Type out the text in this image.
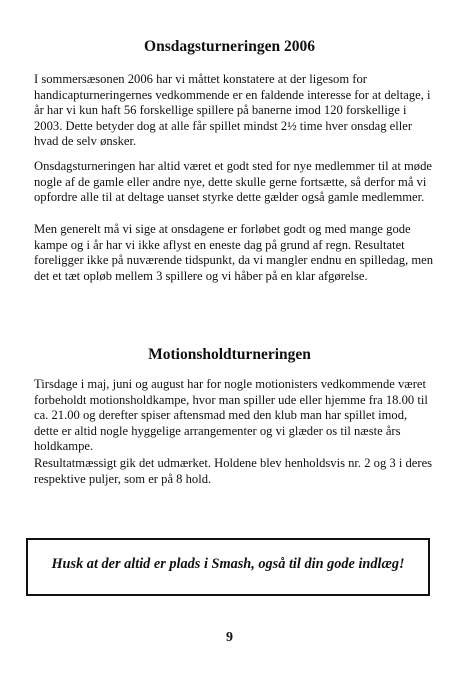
Onsdagsturneringen 2006

I sommersæsonen 2006 har vi måttet konstatere at der ligesom for handicapturneringernes vedkommende er en faldende interesse for at deltage, i år har vi kun haft 56 forskellige spillere på banerne imod 120 forskellige i 2003. Dette betyder dog at alle får spillet mindst 2½ time hver onsdag eller hvad de selv ønsker.

Onsdagsturneringen har altid været et godt sted for nye medlemmer til at møde nogle af de gamle eller andre nye, dette skulle gerne fortsætte, så derfor må vi opfordre alle til at deltage uanset styrke dette gælder også gamle medlemmer.

Men generelt må vi sige at onsdagene er forløbet godt og med mange gode kampe og i år har vi ikke aflyst en eneste dag på grund af regn. Resultatet foreligger ikke på nuværende tidspunkt, da vi mangler endnu en spilledag, men det et tæt opløb mellem 3 spillere og vi håber på en klar afgørelse.

Motionsholdturneringen

Tirsdage i maj, juni og august har for nogle motionisters vedkommende været forbeholdt motionsholdkampe, hvor man spiller ude eller hjemme fra 18.00 til ca. 21.00 og derefter spiser aftensmad med den klub man har spillet imod, dette er altid nogle hyggelige arrangementer og vi glæder os til næste års holdkampe.

Resultatmæssigt gik det udmærket. Holdene blev henholdsvis nr. 2 og 3 i deres respektive puljer, som er på 8 hold.

Husk at der altid er plads i Smash, også til din gode indlæg!
9
